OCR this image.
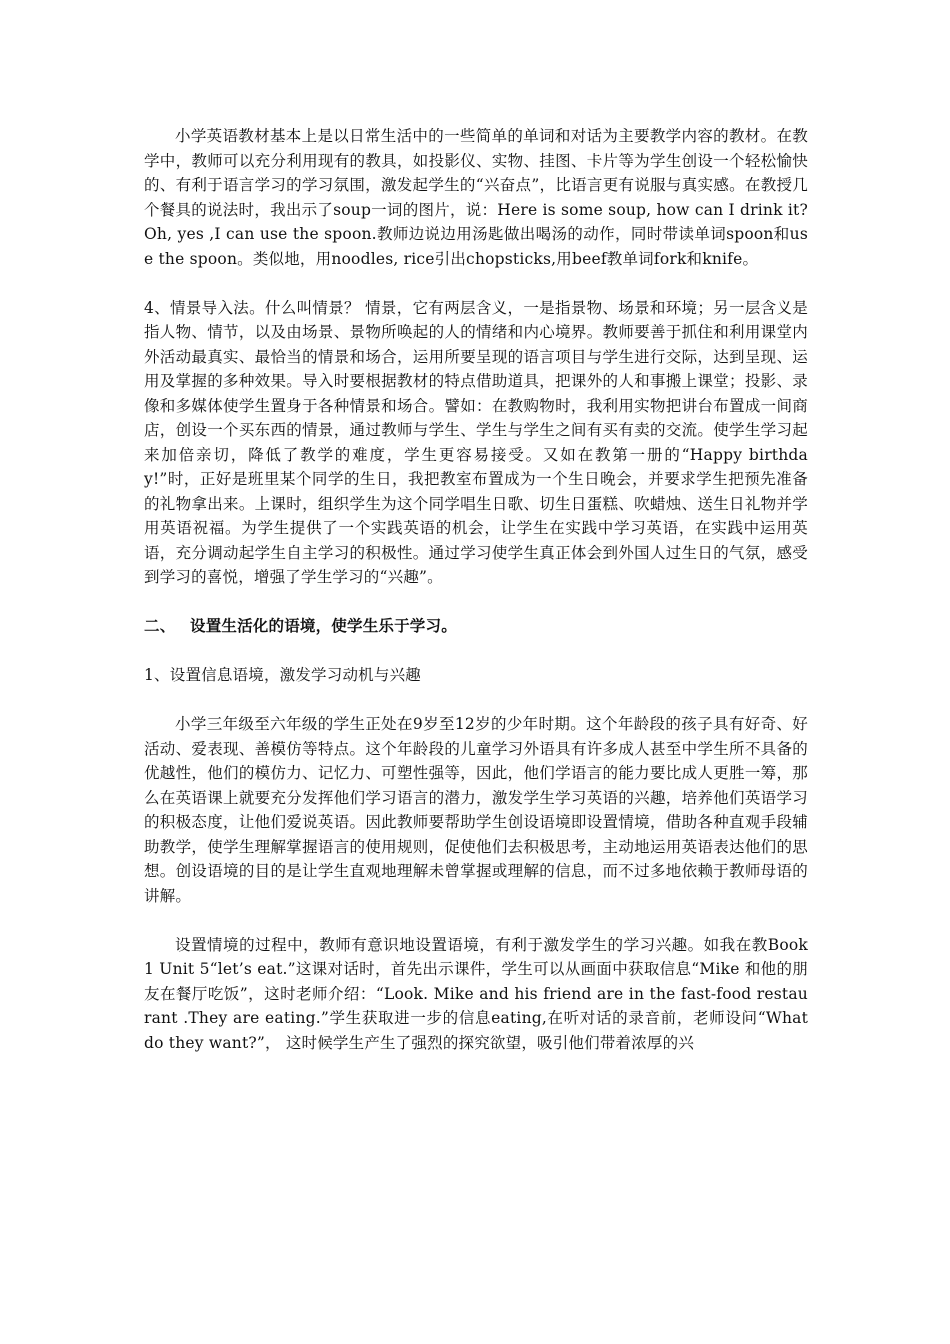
小学英语教材基本上是以日常生活中的一些简单的单词和对话为主要教学内容的教材。在教学中，教师可以充分利用现有的教具，如投影仪、实物、挂图、卡片等为学生创设一个轻松愉快的、有利于语言学习的学习氛围，激发起学生的“兴奋点”，比语言更有说服与真实感。在教授几个餐具的说法时，我出示了soup一词的图片，说：Here is some soup, how can I drink it? Oh, yes ,I can use the spoon.教师边说边用汤匙做出喝汤的动作，同时带读单词spoon和use the spoon。类似地，用noodles, rice引出chopsticks,用beef教单词fork和knife。

4、情景导入法。什么叫情景？ 情景，它有两层含义，一是指景物、场景和环境；另一层含义是指人物、情节，以及由场景、景物所唤起的人的情绪和内心境界。教师要善于抓住和利用课堂内外活动最真实、最恰当的情景和场合，运用所要呈现的语言项目与学生进行交际，达到呈现、运用及掌握的多种效果。导入时要根据教材的特点借助道具，把课外的人和事搬上课堂；投影、录像和多媒体使学生置身于各种情景和场合。譬如：在教购物时，我利用实物把讲台布置成一间商店，创设一个买东西的情景，通过教师与学生、学生与学生之间有买有卖的交流。使学生学习起来加倍亲切，降低了教学的难度，学生更容易接受。又如在教第一册的“Happy birthday!”时，正好是班里某个同学的生日，我把教室布置成为一个生日晚会，并要求学生把预先准备的礼物拿出来。上课时，组织学生为这个同学唱生日歌、切生日蛋糕、吹蜡烛、送生日礼物并学用英语祝福。为学生提供了一个实践英语的机会，让学生在实践中学习英语，在实践中运用英语，充分调动起学生自主学习的积极性。通过学习使学生真正体会到外国人过生日的气氛，感受到学习的喜悦，增强了学生学习的“兴趣”。

二、 设置生活化的语境，使学生乐于学习。
1、设置信息语境，激发学习动机与兴趣

小学三年级至六年级的学生正处在9岁至12岁的少年时期。这个年龄段的孩子具有好奇、好活动、爱表现、善模仿等特点。这个年龄段的儿童学习外语具有许多成人甚至中学生所不具备的优越性，他们的模仿力、记忆力、可塑性强等，因此，他们学语言的能力要比成人更胜一筹，那么在英语课上就要充分发挥他们学习语言的潜力，激发学生学习英语的兴趣，培养他们英语学习的积极态度，让他们爱说英语。因此教师要帮助学生创设语境即设置情境，借助各种直观手段辅助教学，使学生理解掌握语言的使用规则，促使他们去积极思考，主动地运用英语表达他们的思想。创设语境的目的是让学生直观地理解未曾掌握或理解的信息，而不过多地依赖于教师母语的讲解。

设置情境的过程中，教师有意识地设置语境，有利于激发学生的学习兴趣。如我在教Book 1 Unit 5“let’s eat.”这课对话时，首先出示课件，学生可以从画面中获取信息“Mike 和他的朋友在餐厅吃饭”，这时老师介绍：“Look. Mike and his friend are in the fast-food restaurant .They are eating.”学生获取进一步的信息eating,在听对话的录音前，老师设问“What do they want?”， 这时候学生产生了强烈的探究欲望，吸引他们带着浓厚的兴
